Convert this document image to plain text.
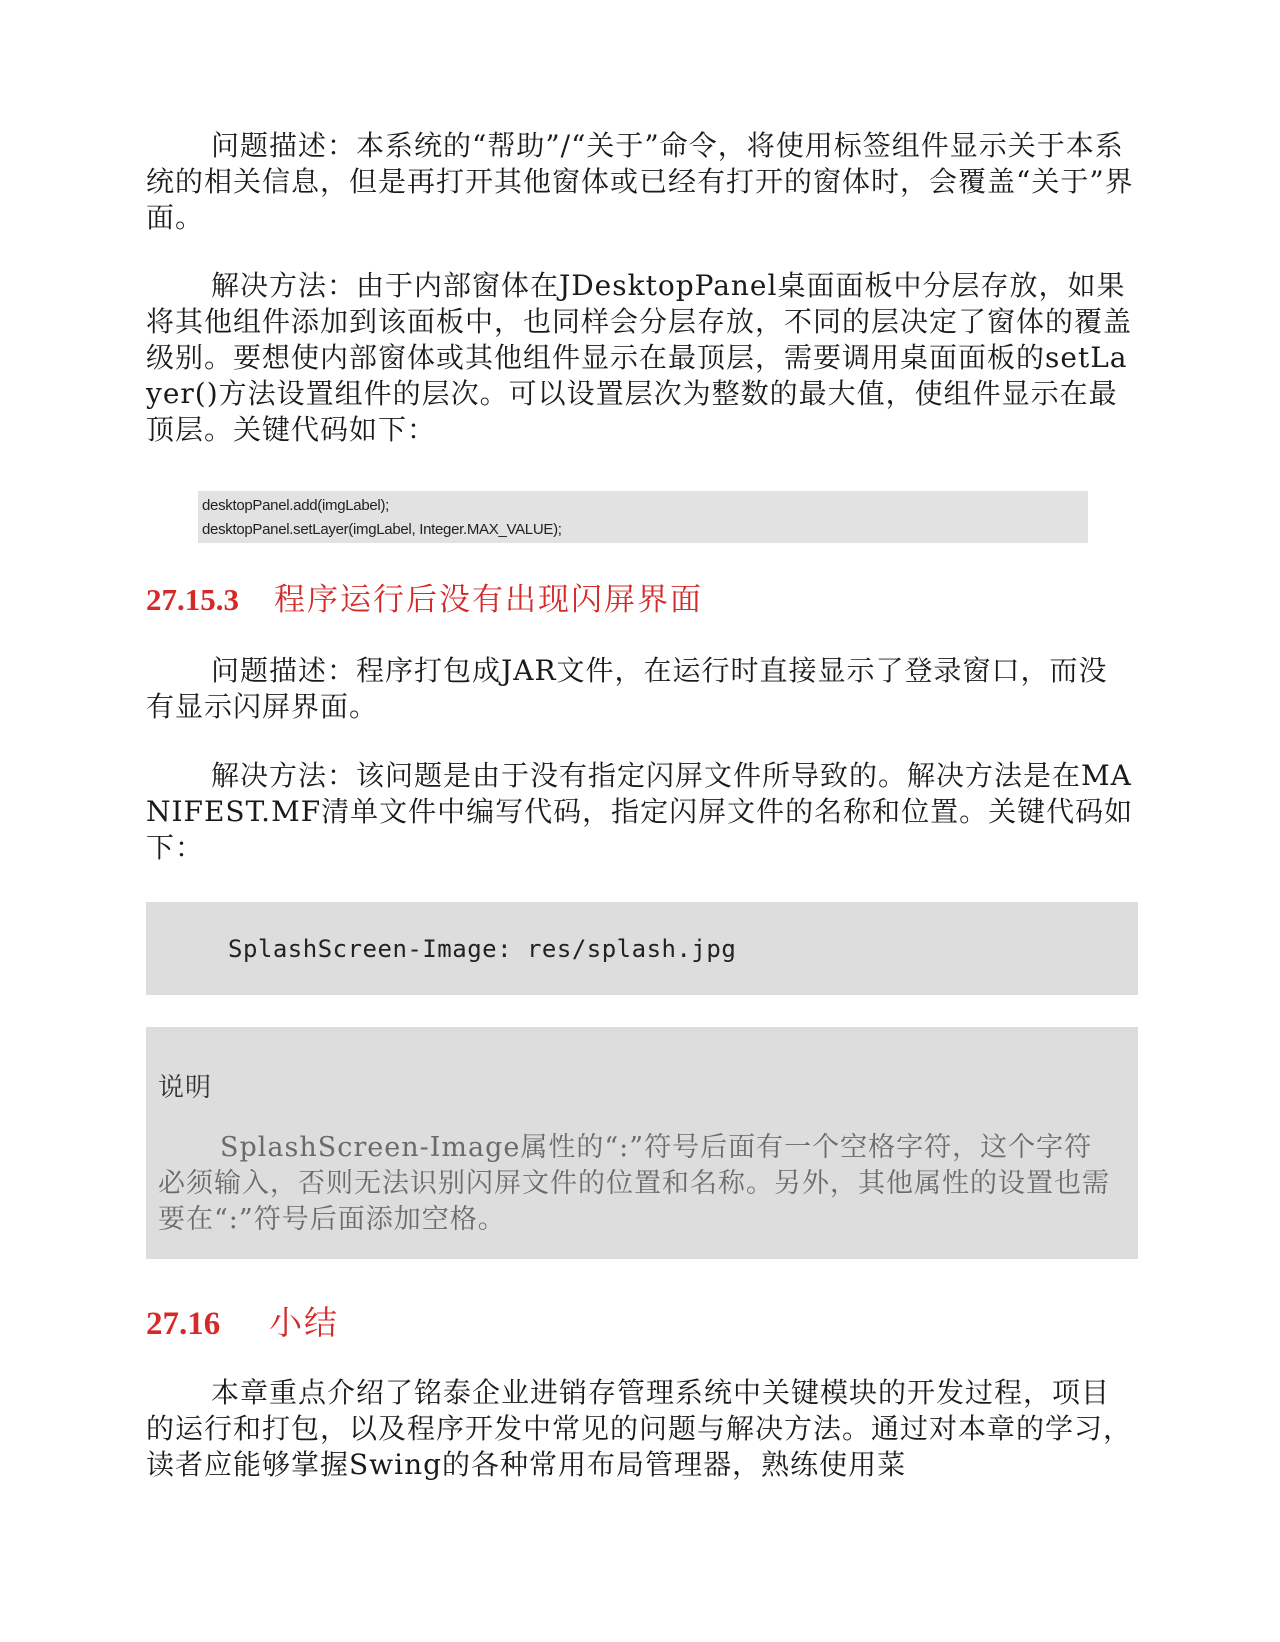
问题描述：本系统的“帮助”/“关于”命令，将使用标签组件显示关于本系统的相关信息，但是再打开其他窗体或已经有打开的窗体时，会覆盖“关于”界面。

解决方法：由于内部窗体在JDesktopPanel桌面面板中分层存放，如果将其他组件添加到该面板中，也同样会分层存放，不同的层决定了窗体的覆盖级别。要想使内部窗体或其他组件显示在最顶层，需要调用桌面面板的setLayer()方法设置组件的层次。可以设置层次为整数的最大值，使组件显示在最顶层。关键代码如下：

desktopPanel.add(imgLabel);
desktopPanel.setLayer(imgLabel, Integer.MAX_VALUE);
27.15.3 程序运行后没有出现闪屏界面

问题描述：程序打包成JAR文件，在运行时直接显示了登录窗口，而没有显示闪屏界面。

解决方法：该问题是由于没有指定闪屏文件所导致的。解决方法是在MANIFEST.MF清单文件中编写代码，指定闪屏文件的名称和位置。关键代码如下：

SplashScreen-Image: res/splash.jpg

说明

SplashScreen-Image属性的“:”符号后面有一个空格字符，这个字符必须输入，否则无法识别闪屏文件的位置和名称。另外，其他属性的设置也需要在“:”符号后面添加空格。

27.16 小结

本章重点介绍了铭泰企业进销存管理系统中关键模块的开发过程，项目的运行和打包，以及程序开发中常见的问题与解决方法。通过对本章的学习，读者应能够掌握Swing的各种常用布局管理器，熟练使用菜
